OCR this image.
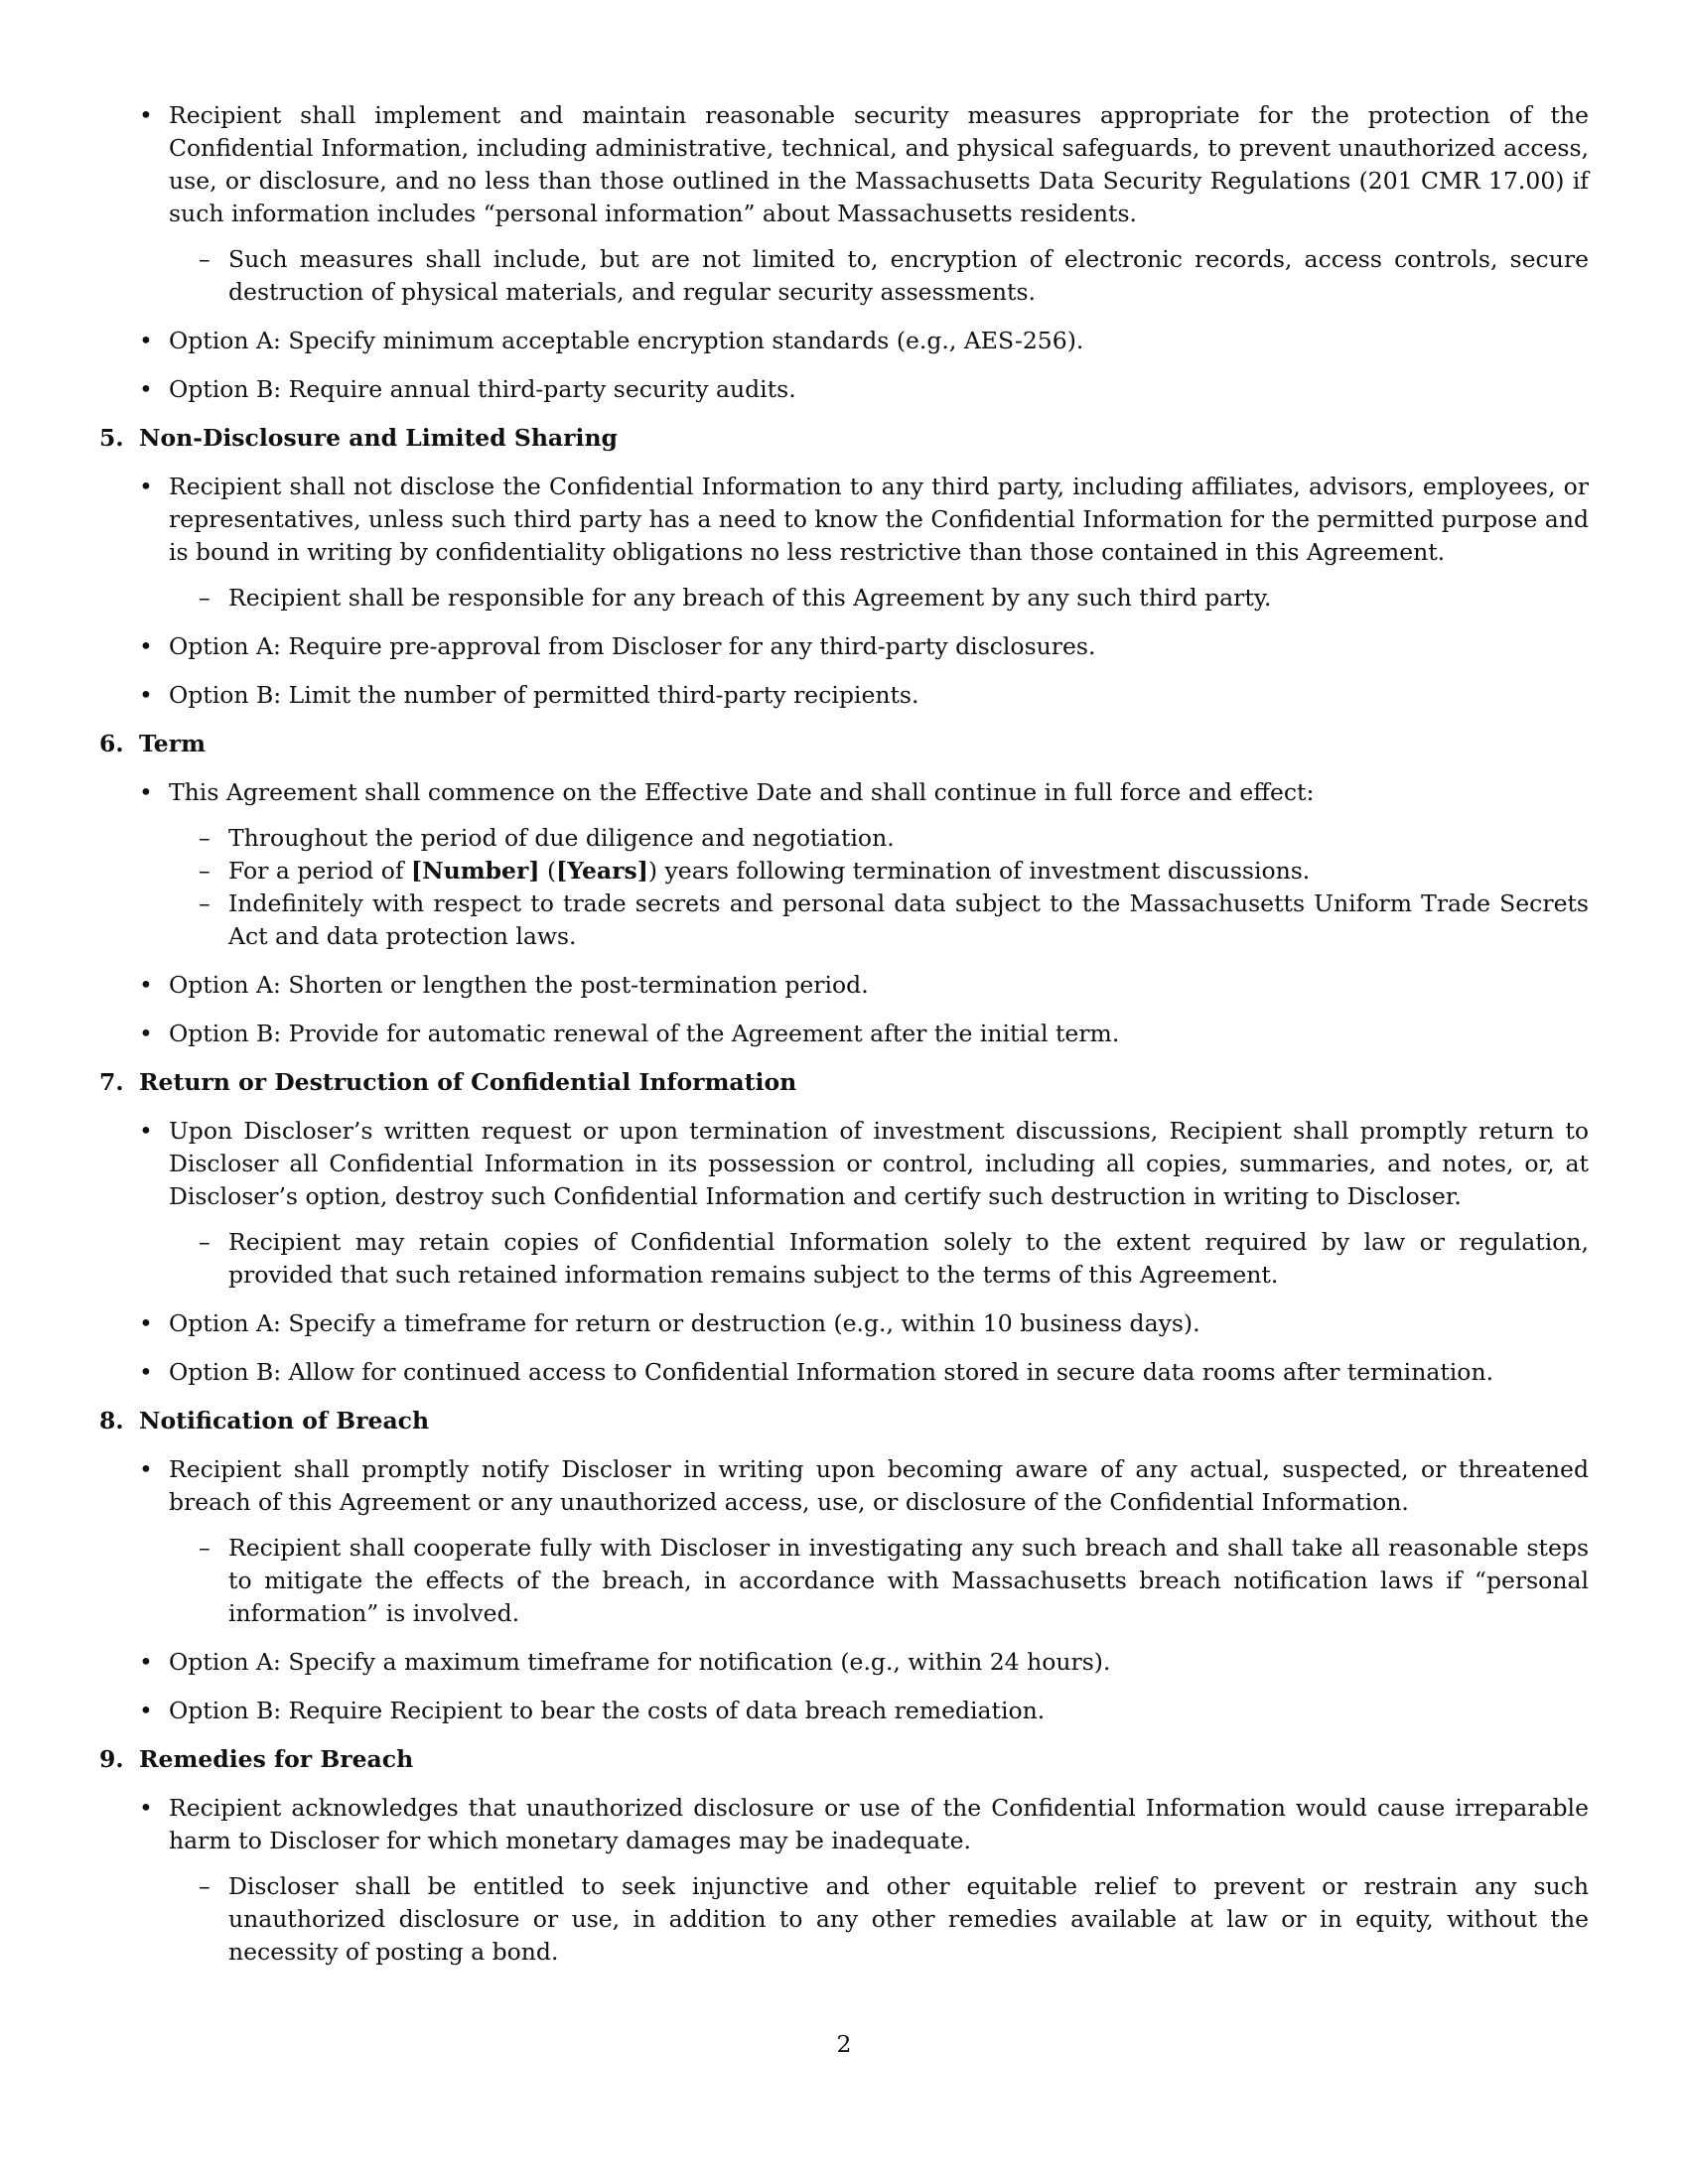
• Recipient shall implement and maintain reasonable security measures appropriate for the protection of the Confidential Information, including administrative, technical, and physical safeguards, to prevent unauthorized access, use, or disclosure, and no less than those outlined in the Massachusetts Data Security Regulations (201 CMR 17.00) if such information includes “personal information” about Massachusetts residents.
– Such measures shall include, but are not limited to, encryption of electronic records, access controls, secure destruction of physical materials, and regular security assessments.
• Option A: Specify minimum acceptable encryption standards (e.g., AES-256).
• Option B: Require annual third-party security audits.
5. Non-Disclosure and Limited Sharing
• Recipient shall not disclose the Confidential Information to any third party, including affiliates, advisors, employees, or representatives, unless such third party has a need to know the Confidential Information for the permitted purpose and is bound in writing by confidentiality obligations no less restrictive than those contained in this Agreement.
– Recipient shall be responsible for any breach of this Agreement by any such third party.
• Option A: Require pre-approval from Discloser for any third-party disclosures.
• Option B: Limit the number of permitted third-party recipients.
6. Term
• This Agreement shall commence on the Effective Date and shall continue in full force and effect:
– Throughout the period of due diligence and negotiation.
– For a period of [Number] ([Years]) years following termination of investment discussions.
– Indefinitely with respect to trade secrets and personal data subject to the Massachusetts Uniform Trade Secrets Act and data protection laws.
• Option A: Shorten or lengthen the post-termination period.
• Option B: Provide for automatic renewal of the Agreement after the initial term.
7. Return or Destruction of Confidential Information
• Upon Discloser’s written request or upon termination of investment discussions, Recipient shall promptly return to Discloser all Confidential Information in its possession or control, including all copies, summaries, and notes, or, at Discloser’s option, destroy such Confidential Information and certify such destruction in writing to Discloser.
– Recipient may retain copies of Confidential Information solely to the extent required by law or regulation, provided that such retained information remains subject to the terms of this Agreement.
• Option A: Specify a timeframe for return or destruction (e.g., within 10 business days).
• Option B: Allow for continued access to Confidential Information stored in secure data rooms after termination.
8. Notification of Breach
• Recipient shall promptly notify Discloser in writing upon becoming aware of any actual, suspected, or threatened breach of this Agreement or any unauthorized access, use, or disclosure of the Confidential Information.
– Recipient shall cooperate fully with Discloser in investigating any such breach and shall take all reasonable steps to mitigate the effects of the breach, in accordance with Massachusetts breach notification laws if “personal information” is involved.
• Option A: Specify a maximum timeframe for notification (e.g., within 24 hours).
• Option B: Require Recipient to bear the costs of data breach remediation.
9. Remedies for Breach
• Recipient acknowledges that unauthorized disclosure or use of the Confidential Information would cause irreparable harm to Discloser for which monetary damages may be inadequate.
– Discloser shall be entitled to seek injunctive and other equitable relief to prevent or restrain any such unauthorized disclosure or use, in addition to any other remedies available at law or in equity, without the necessity of posting a bond.
2
